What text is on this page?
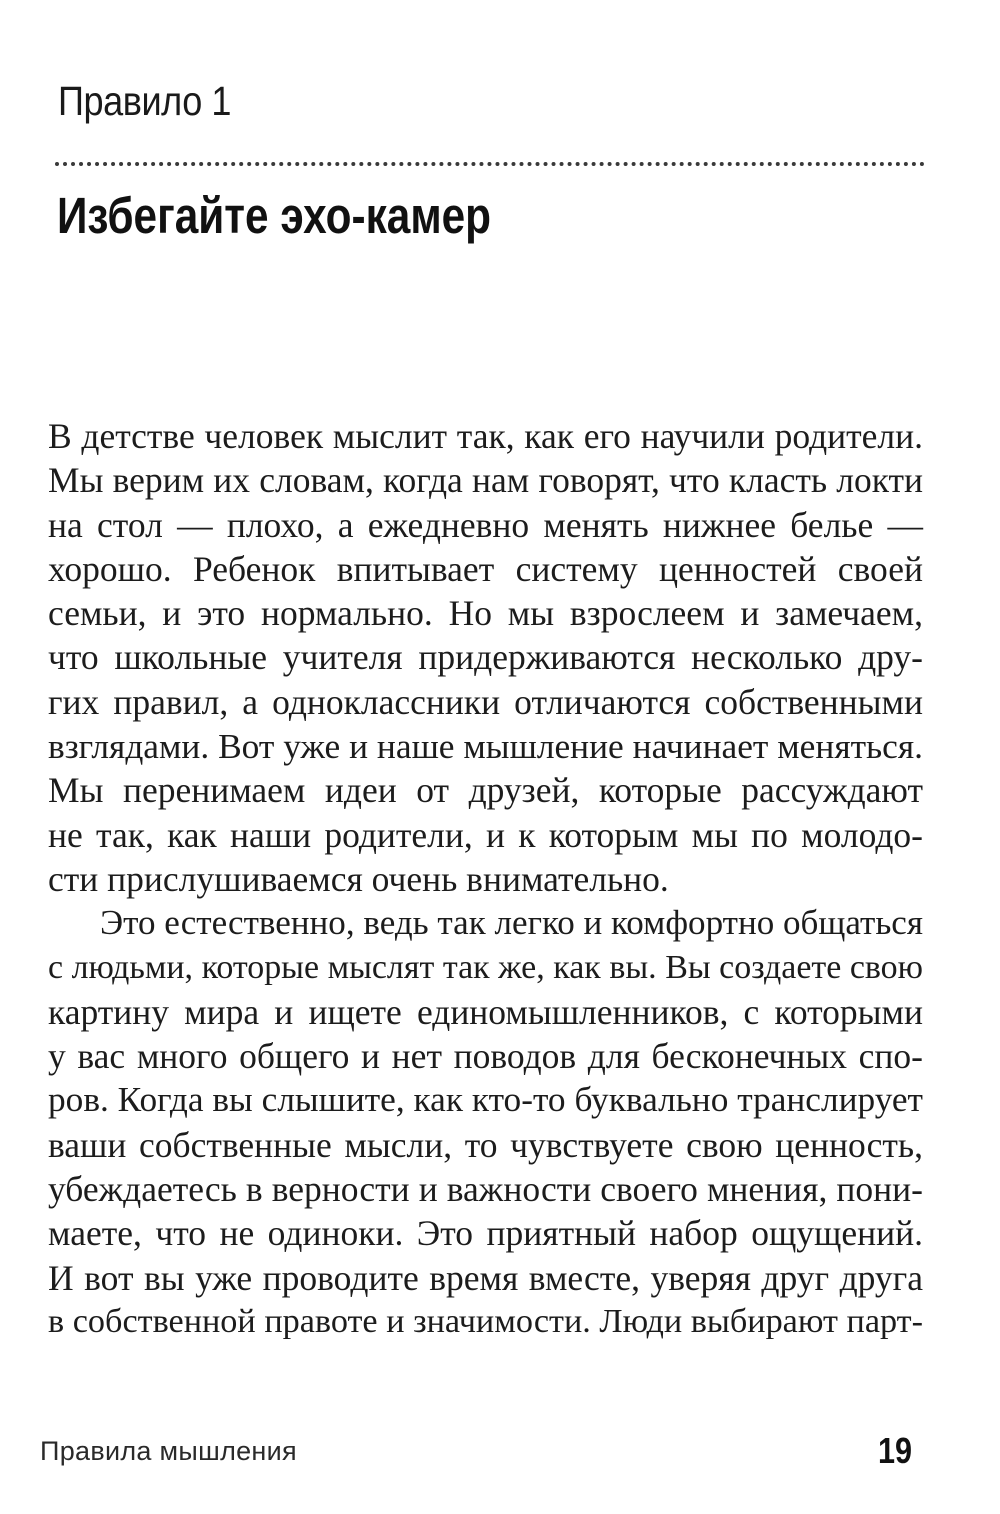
Правило 1
Избегайте эхо-камер
В детстве человек мыслит так, как его научили родители.
Мы верим их словам, когда нам говорят, что класть локти
на стол — плохо, а ежедневно менять нижнее белье —
хорошо. Ребенок впитывает систему ценностей своей
семьи, и это нормально. Но мы взрослеем и замечаем,
что школьные учителя придерживаются несколько дру-
гих правил, а одноклассники отличаются собственными
взглядами. Вот уже и наше мышление начинает меняться.
Мы перенимаем идеи от друзей, которые рассуждают
не так, как наши родители, и к которым мы по молодо-
сти прислушиваемся очень внимательно.
Это естественно, ведь так легко и комфортно общаться
с людьми, которые мыслят так же, как вы. Вы создаете свою
картину мира и ищете единомышленников, с которыми
у вас много общего и нет поводов для бесконечных спо-
ров. Когда вы слышите, как кто-то буквально транслирует
ваши собственные мысли, то чувствуете свою ценность,
убеждаетесь в верности и важности своего мнения, пони-
маете, что не одиноки. Это приятный набор ощущений.
И вот вы уже проводите время вместе, уверяя друг друга
в собственной правоте и значимости. Люди выбирают парт-
Правила мышления	19
